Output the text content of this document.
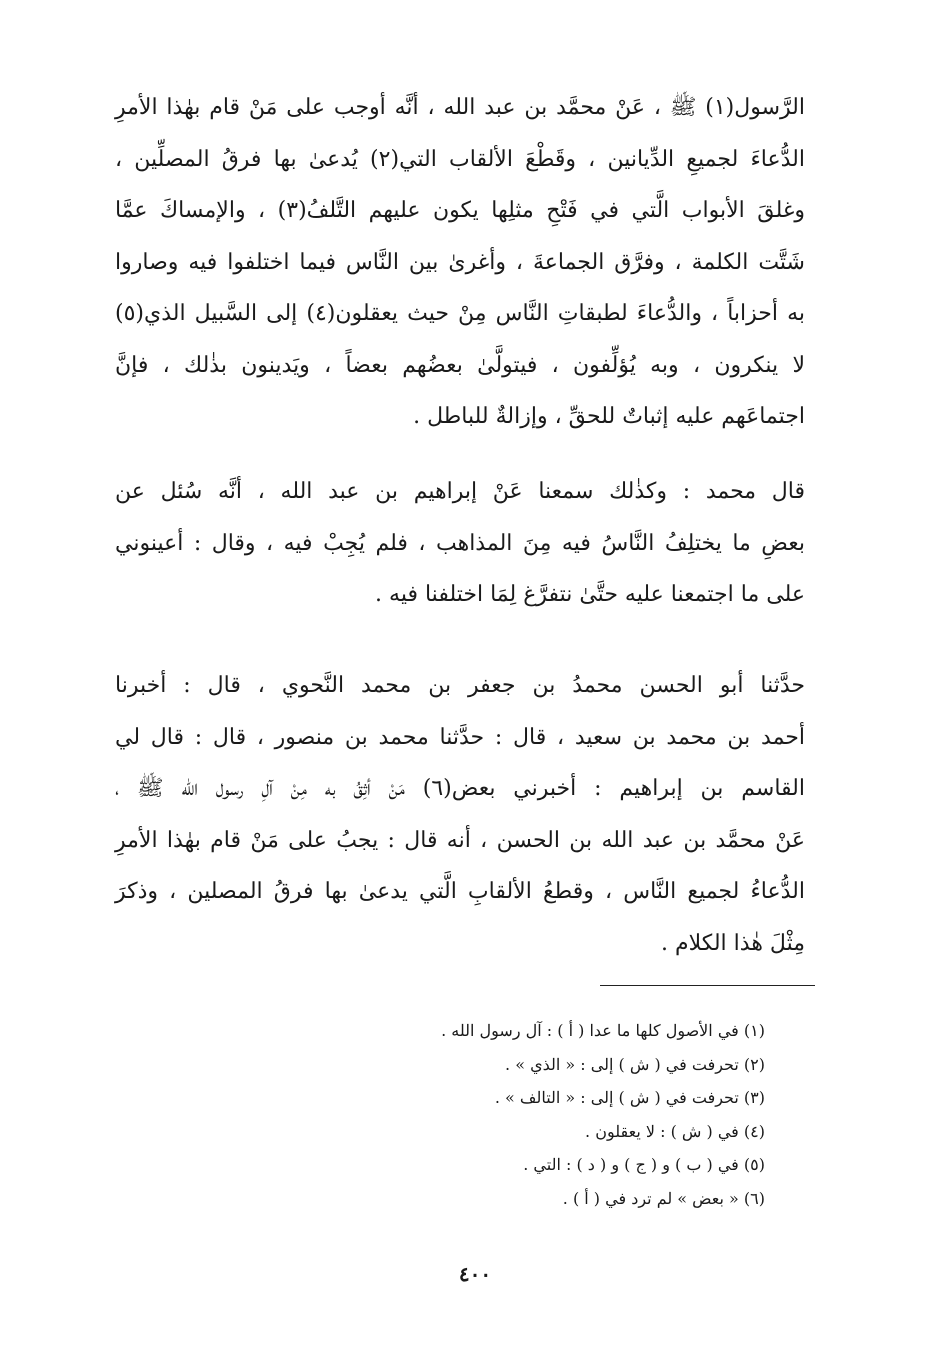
الرَّسول(١) ﷺ ، عَنْ محمَّد بن عبد الله ، أنَّه أوجب على مَنْ قام بهٰذا الأمرِ
الدُّعاءَ لجميعِ الدِّيانين ، وقَطْعَ الألقاب التي(٢) يُدعىٰ بها فرقُ المصلِّين ،
وغلقَ الأبواب الَّتي في فَتْحِ مثلِها يكون عليهم التَّلفُ(٣) ، والإمساكَ عمَّا
شَتَّت الكلمة ، وفرَّق الجماعةَ ، وأغرىٰ بين النَّاس فيما اختلفوا فيه وصاروا
به أحزاباً ، والدُّعاءَ لطبقاتِ النَّاس مِنْ حيث يعقلون(٤) إلى السَّبيل الذي(٥)
لا ينكرون ، وبه يُؤلِّفون ، فيتولَّىٰ بعضُهم بعضاً ، ويَدينون بذٰلك ، فإنَّ
اجتماعَهم عليه إثباتٌ للحقِّ ، وإزالةٌ للباطل .
قال محمد : وكذٰلك سمعنا عَنْ إبراهيم بن عبد الله ، أنَّه سُئل عن
بعضِ ما يختلِفُ النَّاسُ فيه مِنَ المذاهب ، فلم يُجِبْ فيه ، وقال : أعينوني
على ما اجتمعنا عليه حتَّىٰ نتفرَّغ لِمَا اختلفنا فيه .
حدَّثنا أبو الحسن محمدُ بن جعفر بن محمد النَّحوي ، قال : أخبرنا
أحمد بن محمد بن سعيد ، قال : حدَّثنا محمد بن منصور ، قال : قال لي
القاسم بن إبراهيم : أخبرني بعض(٦) مَنْ أثِقُ به مِنْ آلِ رسول الله ﷺ ،
عَنْ محمَّد بن عبد الله بن الحسن ، أنه قال : يجبُ على مَنْ قام بهٰذا الأمرِ
الدُّعاءُ لجميع النَّاس ، وقطعُ الألقابِ الَّتي يدعىٰ بها فرقُ المصلين ، وذكرَ
مِثْلَ هٰذا الكلام .
(١) في الأصول كلها ما عدا ( أ ) : آل رسول الله .
(٢) تحرفت في ( ش ) إلى : « الذي » .
(٣) تحرفت في ( ش ) إلى : « التالف » .
(٤) في ( ش ) : لا يعقلون .
(٥) في ( ب ) و ( ج ) و ( د ) : التي .
(٦) « بعض » لم ترد في ( أ ) .
٤٠٠
